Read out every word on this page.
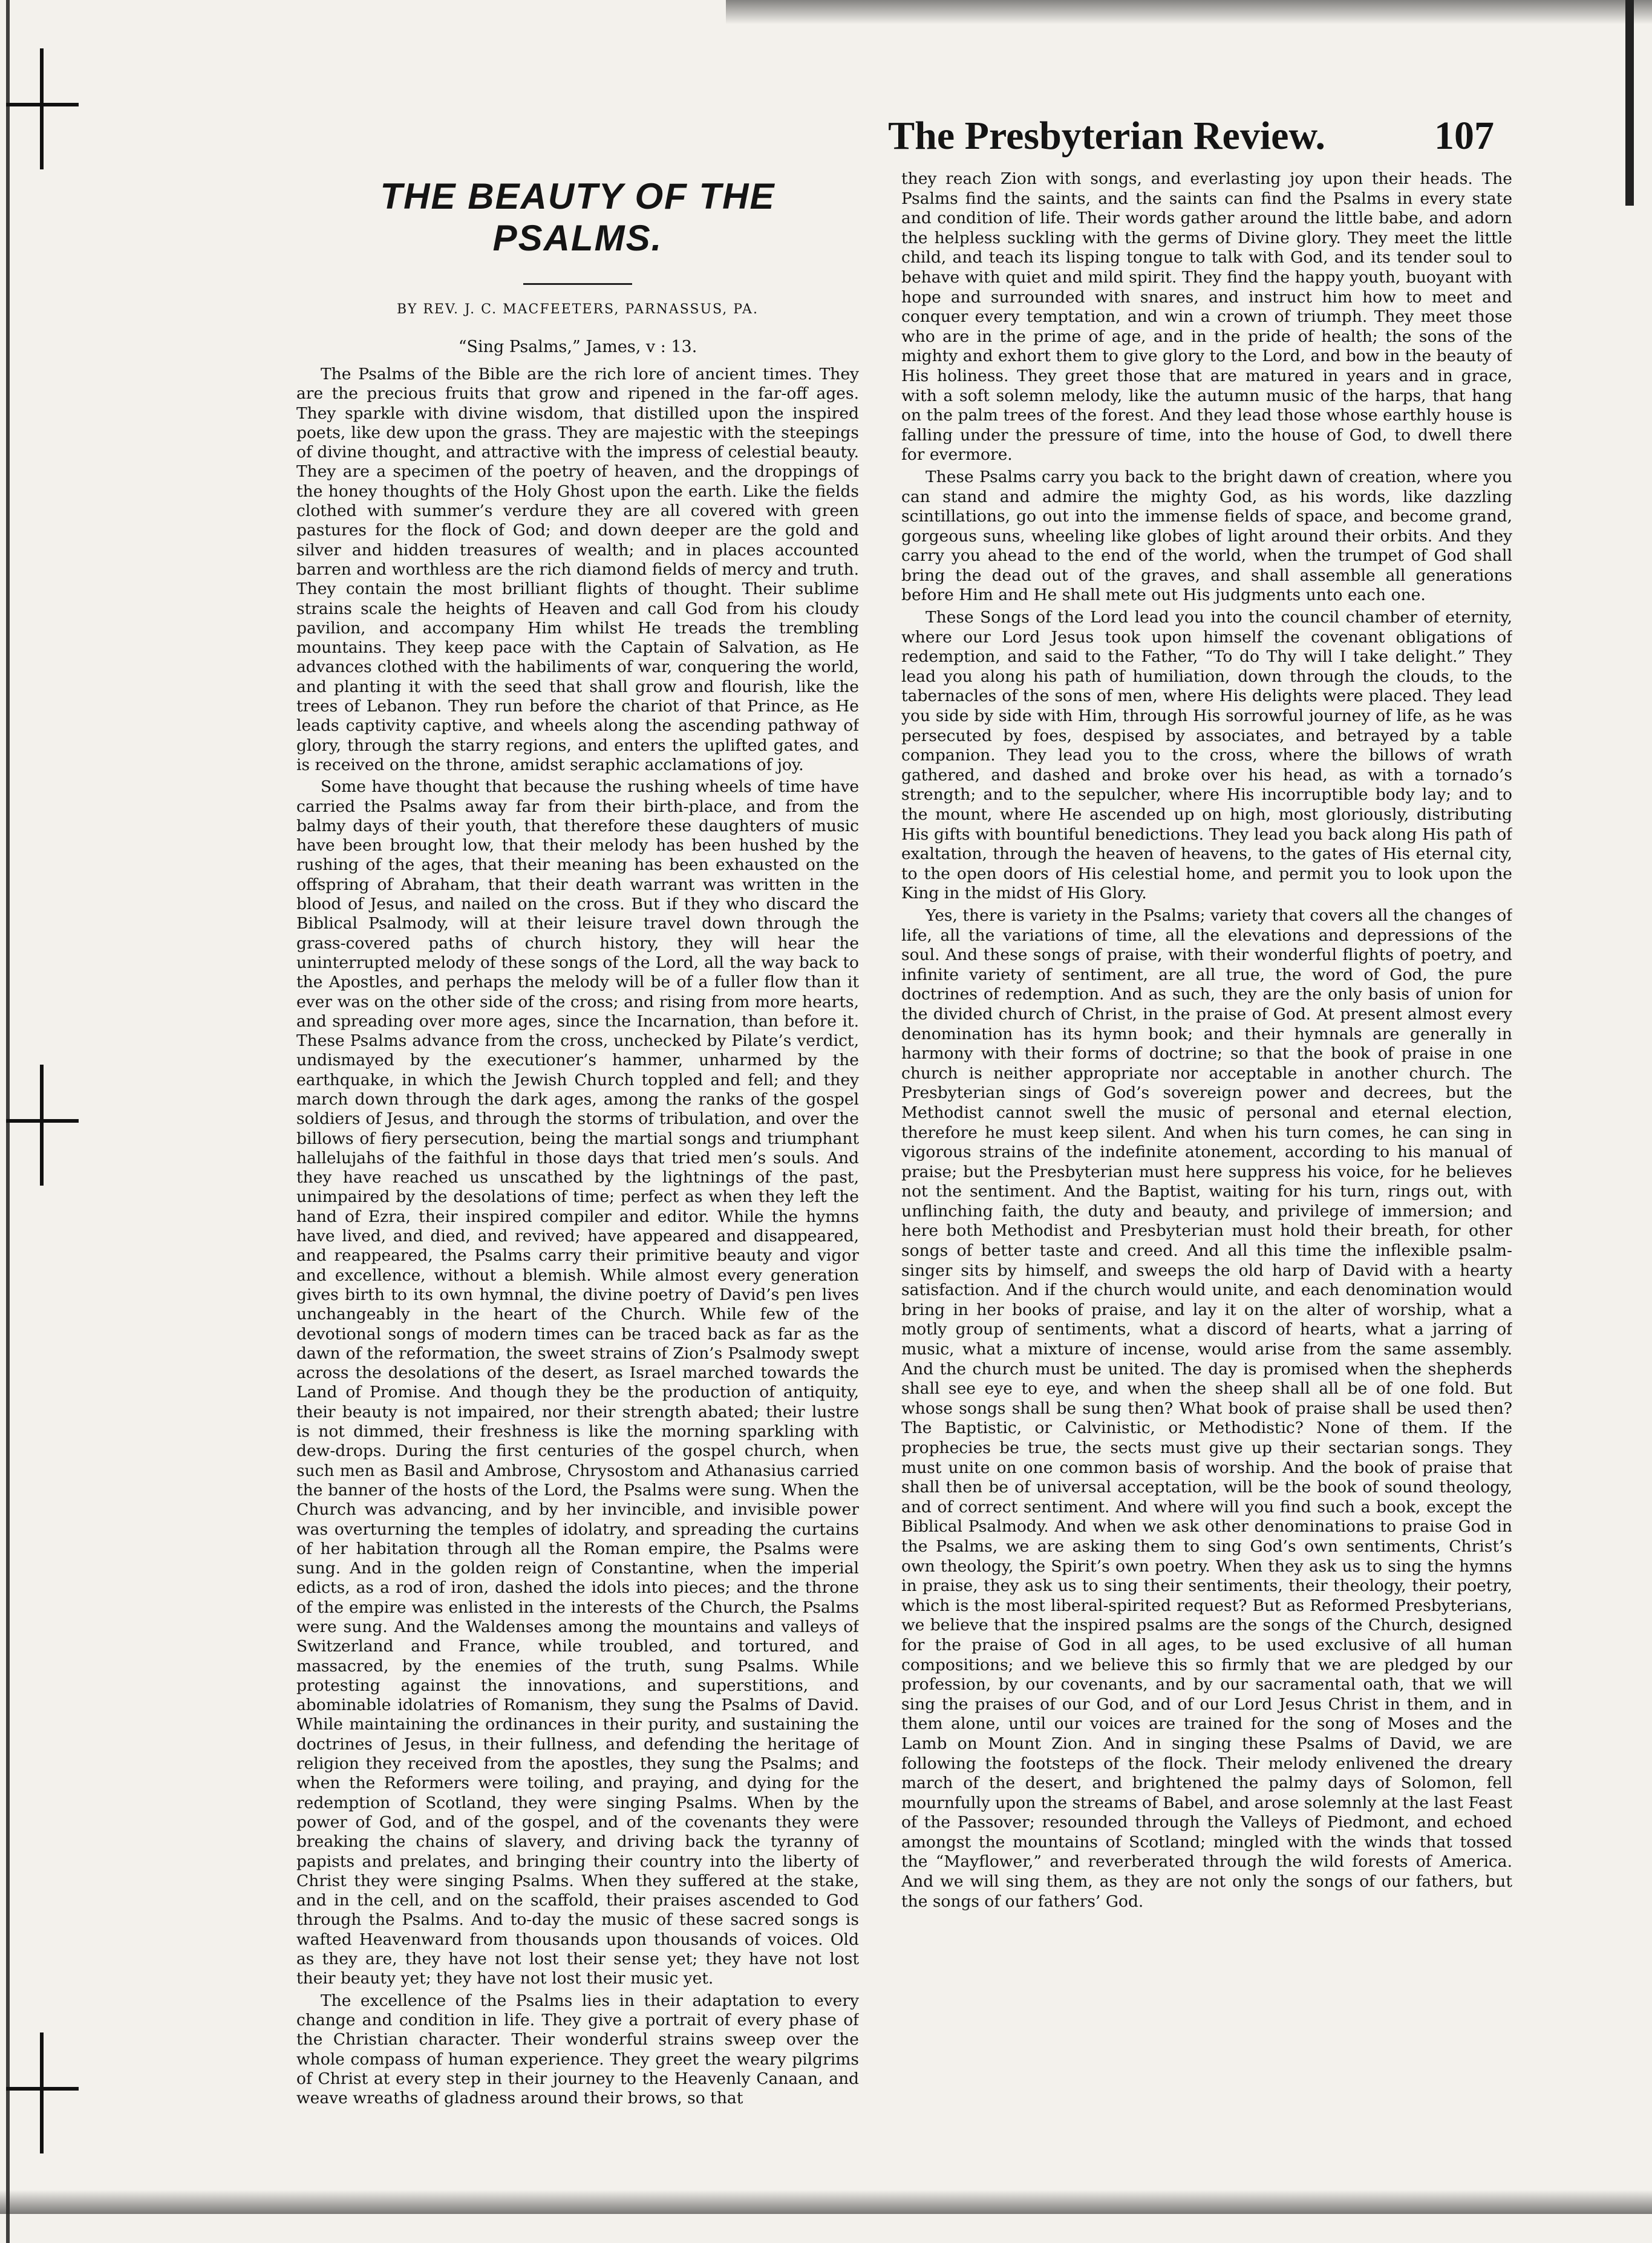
The Presbyterian Review.	107
THE BEAUTY OF THE PSALMS.
BY REV. J. C. MACFEETERS, PARNASSUS, PA.
“Sing Psalms,” James, v : 13.

The Psalms of the Bible are the rich lore of ancient times. They are the precious fruits that grow and ripened in the far-off ages. They sparkle with divine wisdom, that distilled upon the inspired poets, like dew upon the grass. They are majestic with the steepings of divine thought, and attractive with the impress of celestial beauty. They are a specimen of the poetry of heaven, and the droppings of the honey thoughts of the Holy Ghost upon the earth. Like the fields clothed with summer’s verdure they are all covered with green pastures for the flock of God; and down deeper are the gold and silver and hidden treasures of wealth; and in places accounted barren and worthless are the rich diamond fields of mercy and truth. They contain the most brilliant flights of thought. Their sublime strains scale the heights of Heaven and call God from his cloudy pavilion, and accompany Him whilst He treads the trembling mountains. They keep pace with the Captain of Salvation, as He advances clothed with the habiliments of war, conquering the world, and planting it with the seed that shall grow and flourish, like the trees of Lebanon. They run before the chariot of that Prince, as He leads captivity captive, and wheels along the ascending pathway of glory, through the starry regions, and enters the uplifted gates, and is received on the throne, amidst seraphic acclamations of joy.

Some have thought that because the rushing wheels of time have carried the Psalms away far from their birth-place, and from the balmy days of their youth, that therefore these daughters of music have been brought low, that their melody has been hushed by the rushing of the ages, that their meaning has been exhausted on the offspring of Abraham, that their death warrant was written in the blood of Jesus, and nailed on the cross. But if they who discard the Biblical Psalmody, will at their leisure travel down through the grass-covered paths of church history, they will hear the uninterrupted melody of these songs of the Lord, all the way back to the Apostles, and perhaps the melody will be of a fuller flow than it ever was on the other side of the cross; and rising from more hearts, and spreading over more ages, since the Incarnation, than before it. These Psalms advance from the cross, unchecked by Pilate’s verdict, undismayed by the executioner’s hammer, unharmed by the earthquake, in which the Jewish Church toppled and fell; and they march down through the dark ages, among the ranks of the gospel soldiers of Jesus, and through the storms of tribulation, and over the billows of fiery persecution, being the martial songs and triumphant hallelujahs of the faithful in those days that tried men’s souls. And they have reached us unscathed by the lightnings of the past, unimpaired by the desolations of time; perfect as when they left the hand of Ezra, their inspired compiler and editor. While the hymns have lived, and died, and revived; have appeared and disappeared, and reappeared, the Psalms carry their primitive beauty and vigor and excellence, without a blemish. While almost every generation gives birth to its own hymnal, the divine poetry of David’s pen lives unchangeably in the heart of the Church. While few of the devotional songs of modern times can be traced back as far as the dawn of the reformation, the sweet strains of Zion’s Psalmody swept across the desolations of the desert, as Israel marched towards the Land of Promise. And though they be the production of antiquity, their beauty is not impaired, nor their strength abated; their lustre is not dimmed, their freshness is like the morning sparkling with dew-drops. During the first centuries of the gospel church, when such men as Basil and Ambrose, Chrysostom and Athanasius carried the banner of the hosts of the Lord, the Psalms were sung. When the Church was advancing, and by her invincible, and invisible power was overturning the temples of idolatry, and spreading the curtains of her habitation through all the Roman empire, the Psalms were sung. And in the golden reign of Constantine, when the imperial edicts, as a rod of iron, dashed the idols into pieces; and the throne of the empire was enlisted in the interests of the Church, the Psalms were sung. And the Waldenses among the mountains and valleys of Switzerland and France, while troubled, and tortured, and massacred, by the enemies of the truth, sung Psalms. While protesting against the innovations, and superstitions, and abominable idolatries of Romanism, they sung the Psalms of David. While maintaining the ordinances in their purity, and sustaining the doctrines of Jesus, in their fullness, and defending the heritage of religion they received from the apostles, they sung the Psalms; and when the Reformers were toiling, and praying, and dying for the redemption of Scotland, they were singing Psalms. When by the power of God, and of the gospel, and of the covenants they were breaking the chains of slavery, and driving back the tyranny of papists and prelates, and bringing their country into the liberty of Christ they were singing Psalms. When they suffered at the stake, and in the cell, and on the scaffold, their praises ascended to God through the Psalms. And to-day the music of these sacred songs is wafted Heavenward from thousands upon thousands of voices. Old as they are, they have not lost their sense yet; they have not lost their beauty yet; they have not lost their music yet.

The excellence of the Psalms lies in their adaptation to every change and condition in life. They give a portrait of every phase of the Christian character. Their wonderful strains sweep over the whole compass of human experience. They greet the weary pilgrims of Christ at every step in their journey to the Heavenly Canaan, and weave wreaths of gladness around their brows, so that

they reach Zion with songs, and everlasting joy upon their heads. The Psalms find the saints, and the saints can find the Psalms in every state and condition of life. Their words gather around the little babe, and adorn the helpless suckling with the germs of Divine glory. They meet the little child, and teach its lisping tongue to talk with God, and its tender soul to behave with quiet and mild spirit. They find the happy youth, buoyant with hope and surrounded with snares, and instruct him how to meet and conquer every temptation, and win a crown of triumph. They meet those who are in the prime of age, and in the pride of health; the sons of the mighty and exhort them to give glory to the Lord, and bow in the beauty of His holiness. They greet those that are matured in years and in grace, with a soft solemn melody, like the autumn music of the harps, that hang on the palm trees of the forest. And they lead those whose earthly house is falling under the pressure of time, into the house of God, to dwell there for evermore.

These Psalms carry you back to the bright dawn of creation, where you can stand and admire the mighty God, as his words, like dazzling scintillations, go out into the immense fields of space, and become grand, gorgeous suns, wheeling like globes of light around their orbits. And they carry you ahead to the end of the world, when the trumpet of God shall bring the dead out of the graves, and shall assemble all generations before Him and He shall mete out His judgments unto each one.

These Songs of the Lord lead you into the council chamber of eternity, where our Lord Jesus took upon himself the covenant obligations of redemption, and said to the Father, “To do Thy will I take delight.” They lead you along his path of humiliation, down through the clouds, to the tabernacles of the sons of men, where His delights were placed. They lead you side by side with Him, through His sorrowful journey of life, as he was persecuted by foes, despised by associates, and betrayed by a table companion. They lead you to the cross, where the billows of wrath gathered, and dashed and broke over his head, as with a tornado’s strength; and to the sepulcher, where His incorruptible body lay; and to the mount, where He ascended up on high, most gloriously, distributing His gifts with bountiful benedictions. They lead you back along His path of exaltation, through the heaven of heavens, to the gates of His eternal city, to the open doors of His celestial home, and permit you to look upon the King in the midst of His Glory.

Yes, there is variety in the Psalms; variety that covers all the changes of life, all the variations of time, all the elevations and depressions of the soul. And these songs of praise, with their wonderful flights of poetry, and infinite variety of sentiment, are all true, the word of God, the pure doctrines of redemption. And as such, they are the only basis of union for the divided church of Christ, in the praise of God. At present almost every denomination has its hymn book; and their hymnals are generally in harmony with their forms of doctrine; so that the book of praise in one church is neither appropriate nor acceptable in another church. The Presbyterian sings of God’s sovereign power and decrees, but the Methodist cannot swell the music of personal and eternal election, therefore he must keep silent. And when his turn comes, he can sing in vigorous strains of the indefinite atonement, according to his manual of praise; but the Presbyterian must here suppress his voice, for he believes not the sentiment. And the Baptist, waiting for his turn, rings out, with unflinching faith, the duty and beauty, and privilege of immersion; and here both Methodist and Presbyterian must hold their breath, for other songs of better taste and creed. And all this time the inflexible psalm-singer sits by himself, and sweeps the old harp of David with a hearty satisfaction. And if the church would unite, and each denomination would bring in her books of praise, and lay it on the alter of worship, what a motly group of sentiments, what a discord of hearts, what a jarring of music, what a mixture of incense, would arise from the same assembly. And the church must be united. The day is promised when the shepherds shall see eye to eye, and when the sheep shall all be of one fold. But whose songs shall be sung then? What book of praise shall be used then? The Baptistic, or Calvinistic, or Methodistic? None of them. If the prophecies be true, the sects must give up their sectarian songs. They must unite on one common basis of worship. And the book of praise that shall then be of universal acceptation, will be the book of sound theology, and of correct sentiment. And where will you find such a book, except the Biblical Psalmody. And when we ask other denominations to praise God in the Psalms, we are asking them to sing God’s own sentiments, Christ’s own theology, the Spirit’s own poetry. When they ask us to sing the hymns in praise, they ask us to sing their sentiments, their theology, their poetry, which is the most liberal-spirited request? But as Reformed Presbyterians, we believe that the inspired psalms are the songs of the Church, designed for the praise of God in all ages, to be used exclusive of all human compositions; and we believe this so firmly that we are pledged by our profession, by our covenants, and by our sacramental oath, that we will sing the praises of our God, and of our Lord Jesus Christ in them, and in them alone, until our voices are trained for the song of Moses and the Lamb on Mount Zion. And in singing these Psalms of David, we are following the footsteps of the flock. Their melody enlivened the dreary march of the desert, and brightened the palmy days of Solomon, fell mournfully upon the streams of Babel, and arose solemnly at the last Feast of the Passover; resounded through the Valleys of Piedmont, and echoed amongst the mountains of Scotland; mingled with the winds that tossed the “Mayflower,” and reverberated through the wild forests of America. And we will sing them, as they are not only the songs of our fathers, but the songs of our fathers’ God.
